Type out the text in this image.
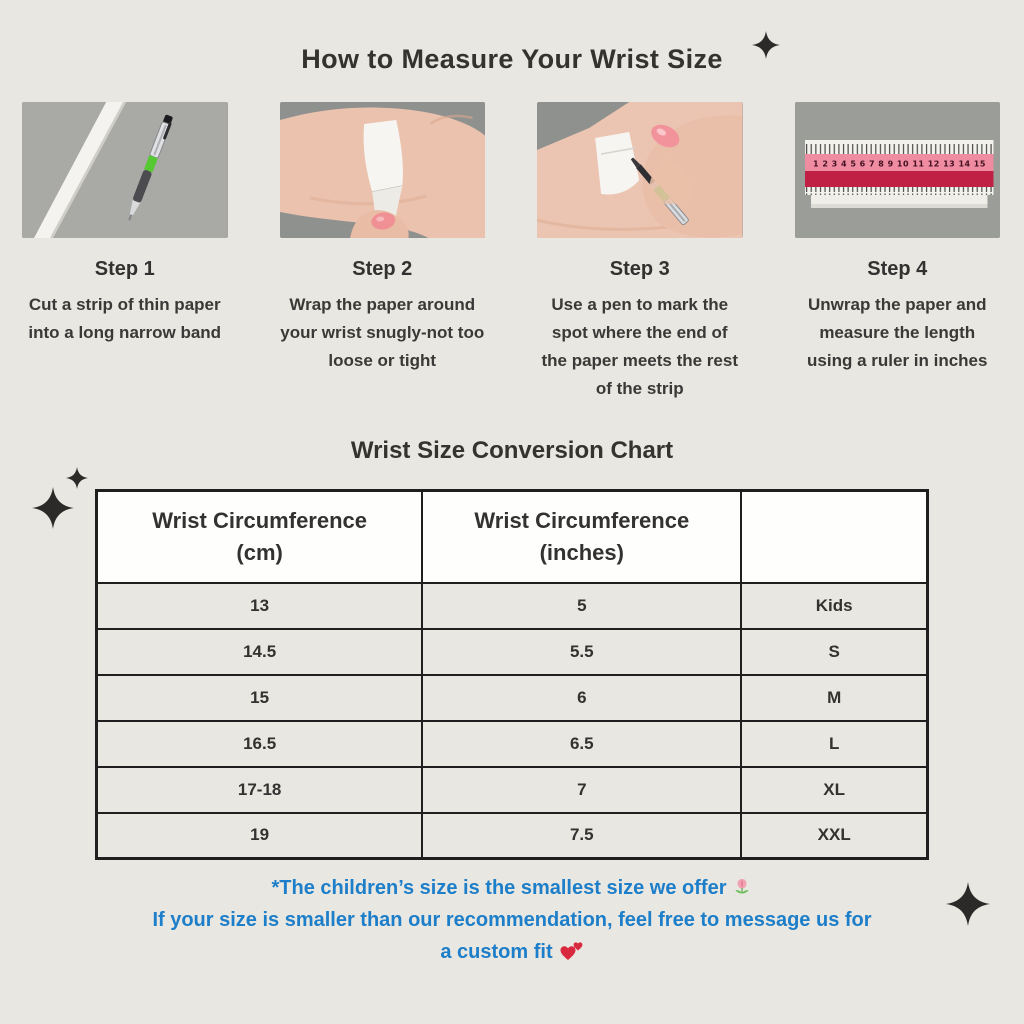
How to Measure Your Wrist Size
Step 1
Cut a strip of thin paper into a long narrow band
Step 2
Wrap the paper around your wrist snugly-not too loose or tight
Step 3
Use a pen to mark the spot where the end of the paper meets the rest of the strip
1 2 3 4 5 6 7 8 9 10 11 12 13 14 15
Step 4
Unwrap the paper and measure the length using a ruler in inches
Wrist Size Conversion Chart
Wrist Circumference (cm)	Wrist Circumference (inches)	
13	5	Kids
14.5	5.5	S
15	6	M
16.5	6.5	L
17-18	7	XL
19	7.5	XXL
*The children’s size is the smallest size we offer
If your size is smaller than our recommendation, feel free to message us for
a custom fit
